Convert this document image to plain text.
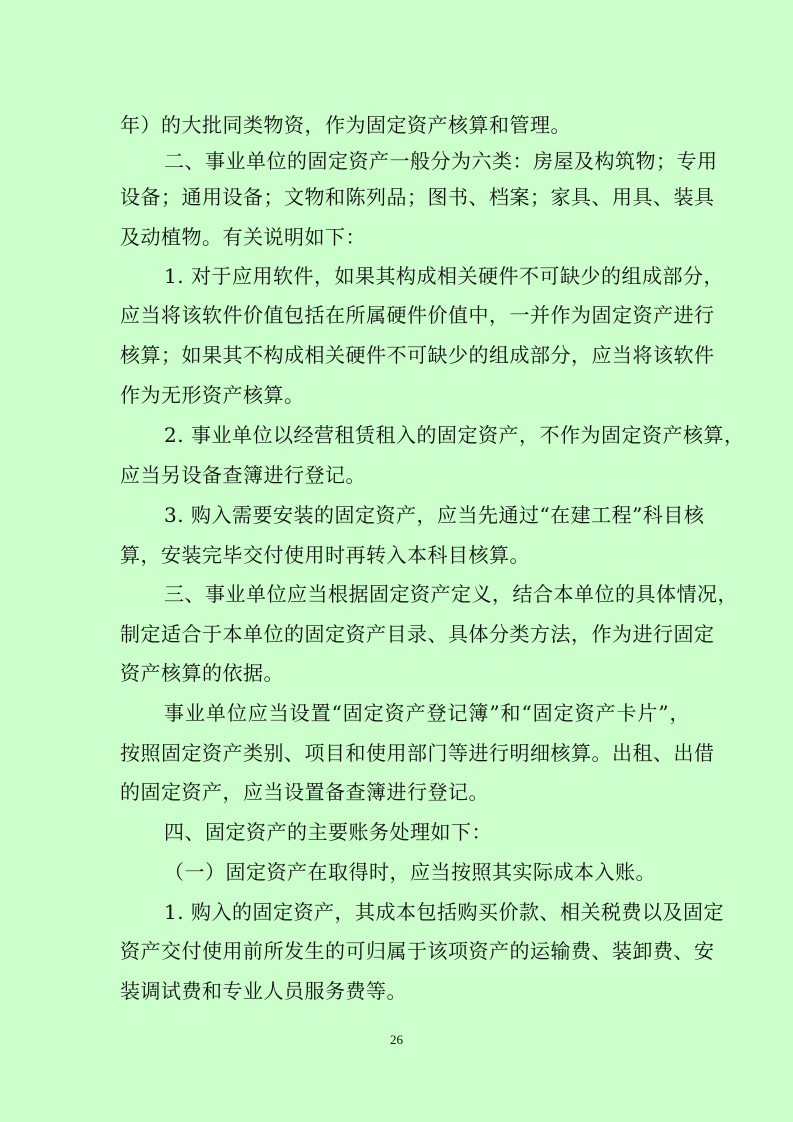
年）的大批同类物资，作为固定资产核算和管理。
二、事业单位的固定资产一般分为六类：房屋及构筑物；专用
设备；通用设备；文物和陈列品；图书、档案；家具、用具、装具
及动植物。有关说明如下：
1. 对于应用软件，如果其构成相关硬件不可缺少的组成部分，
应当将该软件价值包括在所属硬件价值中，一并作为固定资产进行
核算；如果其不构成相关硬件不可缺少的组成部分，应当将该软件
作为无形资产核算。
2. 事业单位以经营租赁租入的固定资产，不作为固定资产核算，
应当另设备查簿进行登记。
3. 购入需要安装的固定资产，应当先通过“在建工程”科目核
算，安装完毕交付使用时再转入本科目核算。
三、事业单位应当根据固定资产定义，结合本单位的具体情况，
制定适合于本单位的固定资产目录、具体分类方法，作为进行固定
资产核算的依据。
事业单位应当设置“固定资产登记簿”和“固定资产卡片”，
按照固定资产类别、项目和使用部门等进行明细核算。出租、出借
的固定资产，应当设置备查簿进行登记。
四、固定资产的主要账务处理如下：
（一）固定资产在取得时，应当按照其实际成本入账。
1. 购入的固定资产，其成本包括购买价款、相关税费以及固定
资产交付使用前所发生的可归属于该项资产的运输费、装卸费、安
装调试费和专业人员服务费等。
26
